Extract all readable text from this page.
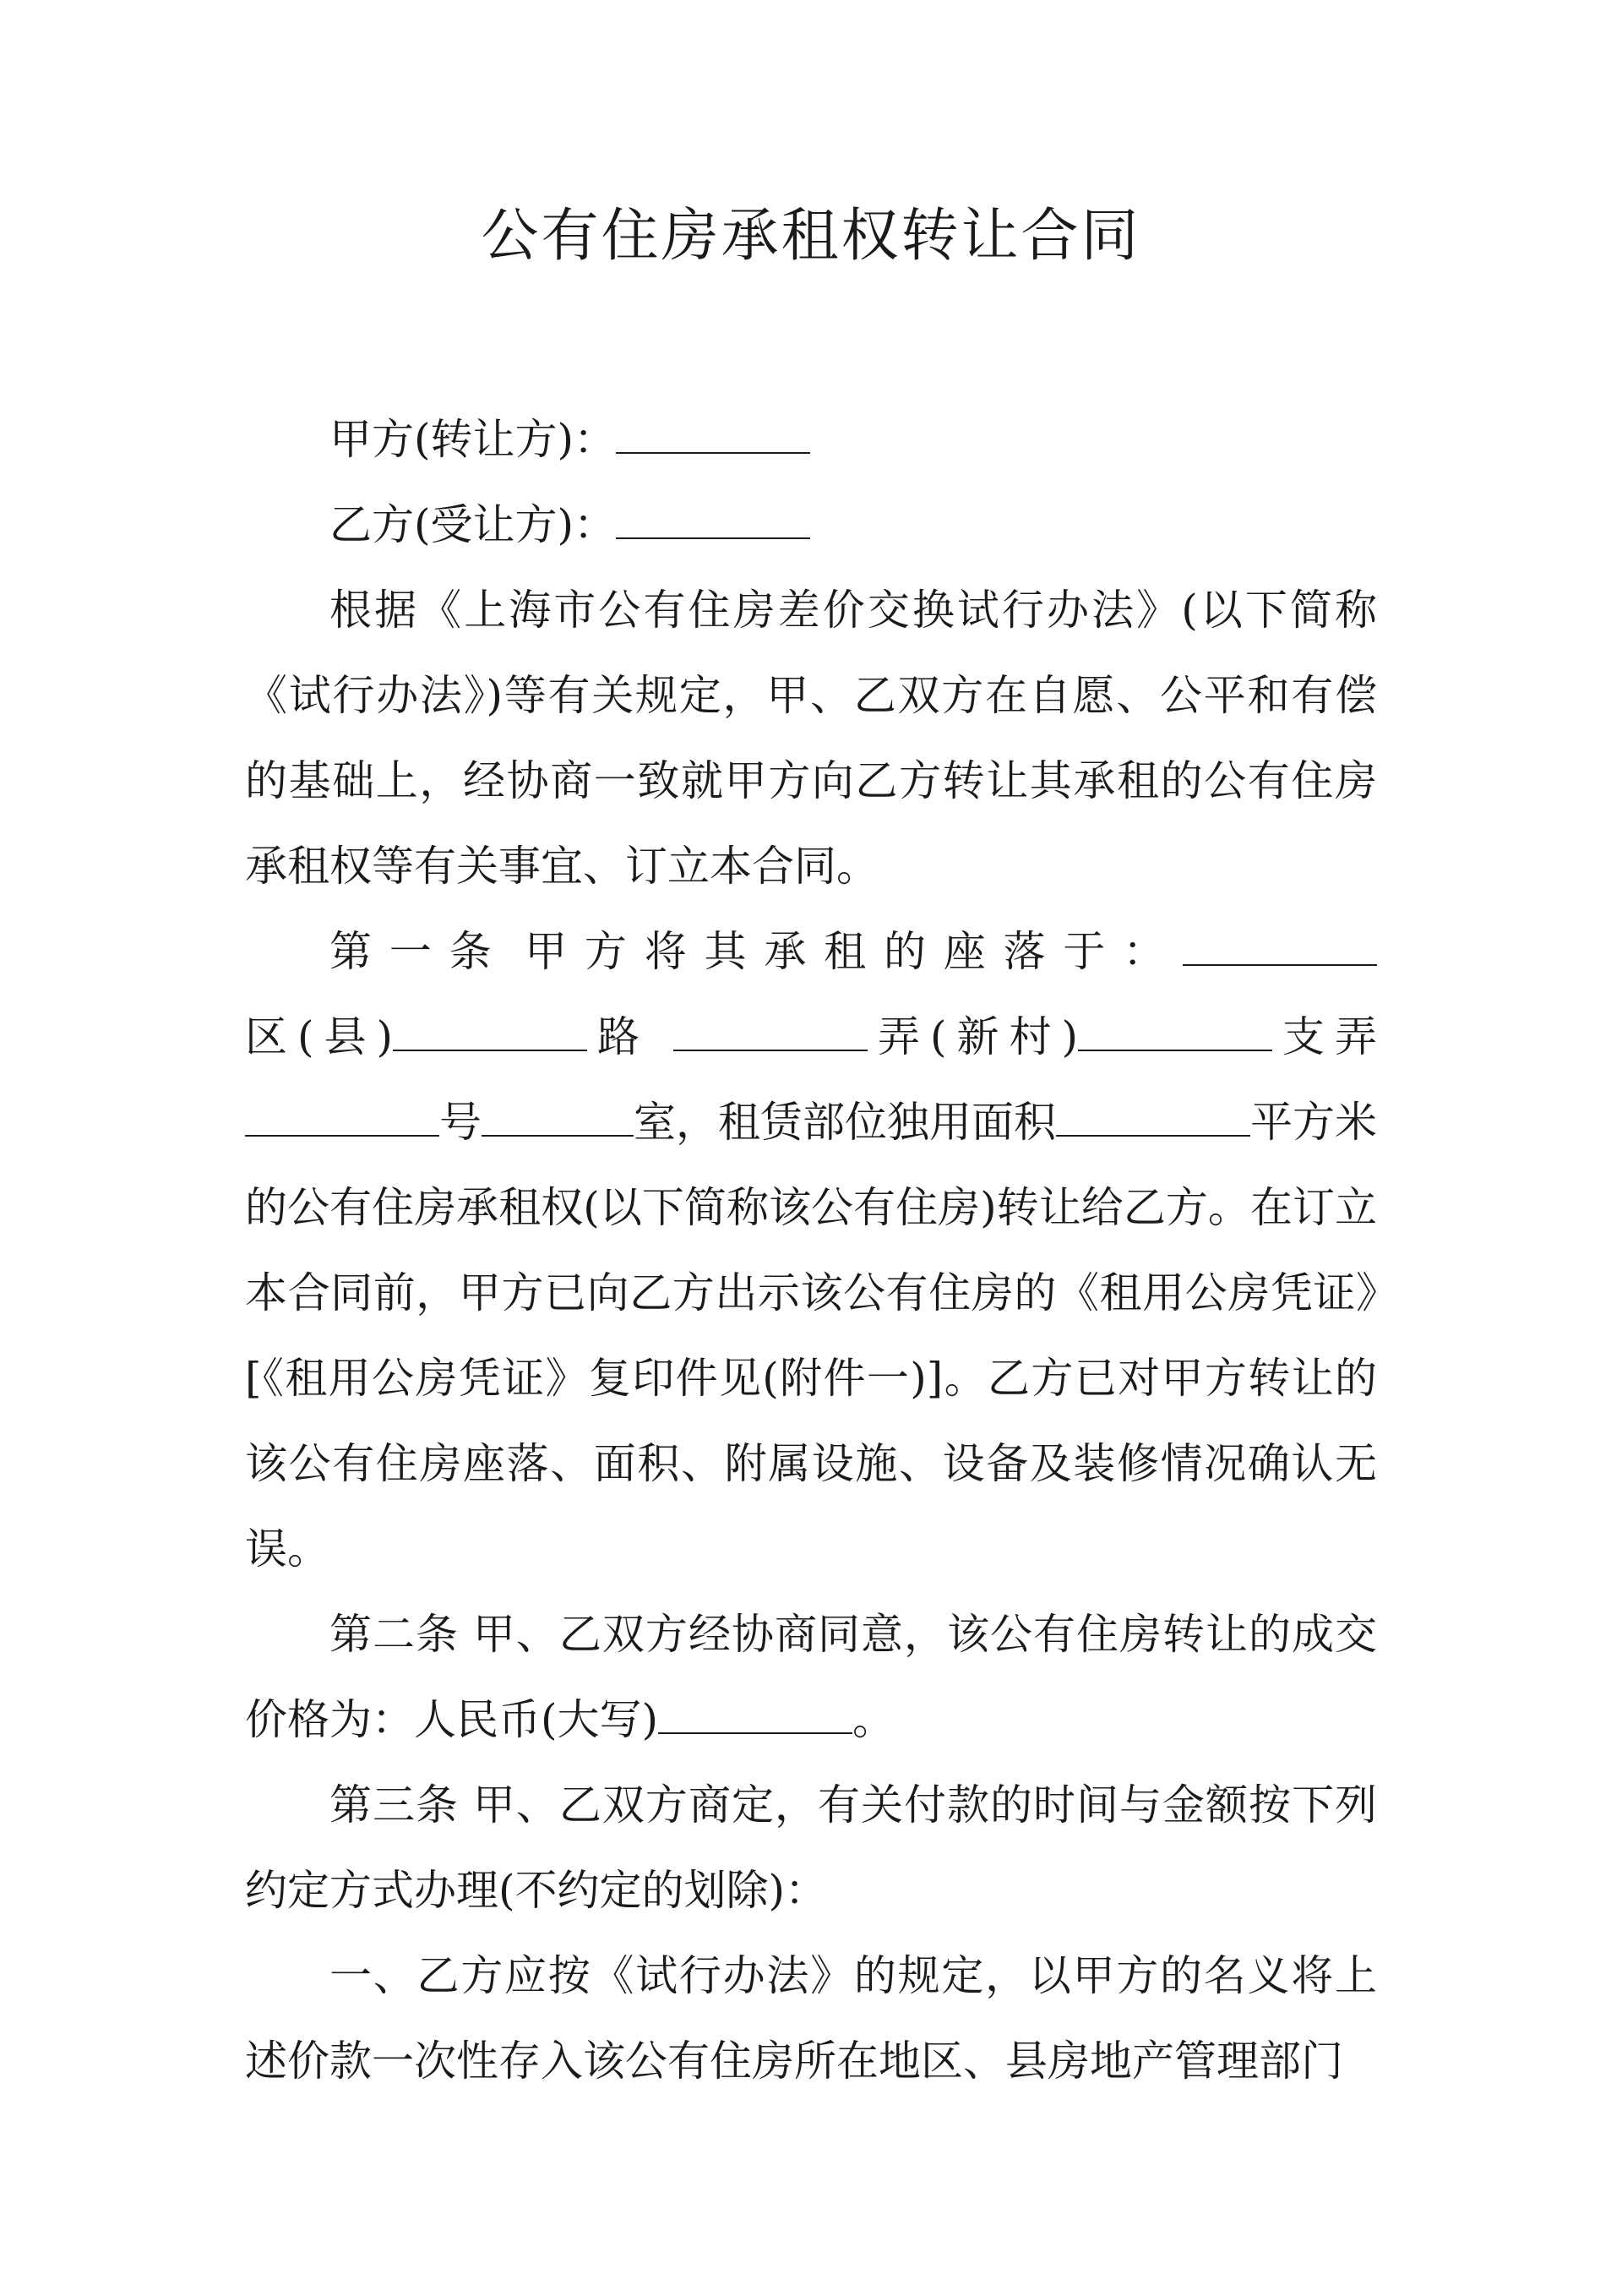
公有住房承租权转让合同

甲方(转让方)：

乙方(受让方)：

根据《上海市公有住房差价交换试行办法》(以下简称《试行办法》)等有关规定，甲、乙双方在自愿、公平和有偿的基础上，经协商一致就甲方向乙方转让其承租的公有住房承租权等有关事宜、订立本合同。

第一条 甲方将其承租的座落于：区(县)	路	弄(新村)	支弄号	室，租赁部位独用面积	平方米的公有住房承租权(以下简称该公有住房)转让给乙方。在订立本合同前，甲方已向乙方出示该公有住房的《租用公房凭证》[《租用公房凭证》复印件见(附件一)]。乙方已对甲方转让的该公有住房座落、面积、附属设施、设备及装修情况确认无误。

第二条 甲、乙双方经协商同意，该公有住房转让的成交价格为：人民币(大写)	。

第三条 甲、乙双方商定，有关付款的时间与金额按下列约定方式办理(不约定的划除)：

一、乙方应按《试行办法》的规定，以甲方的名义将上述价款一次性存入该公有住房所在地区、县房地产管理部门
